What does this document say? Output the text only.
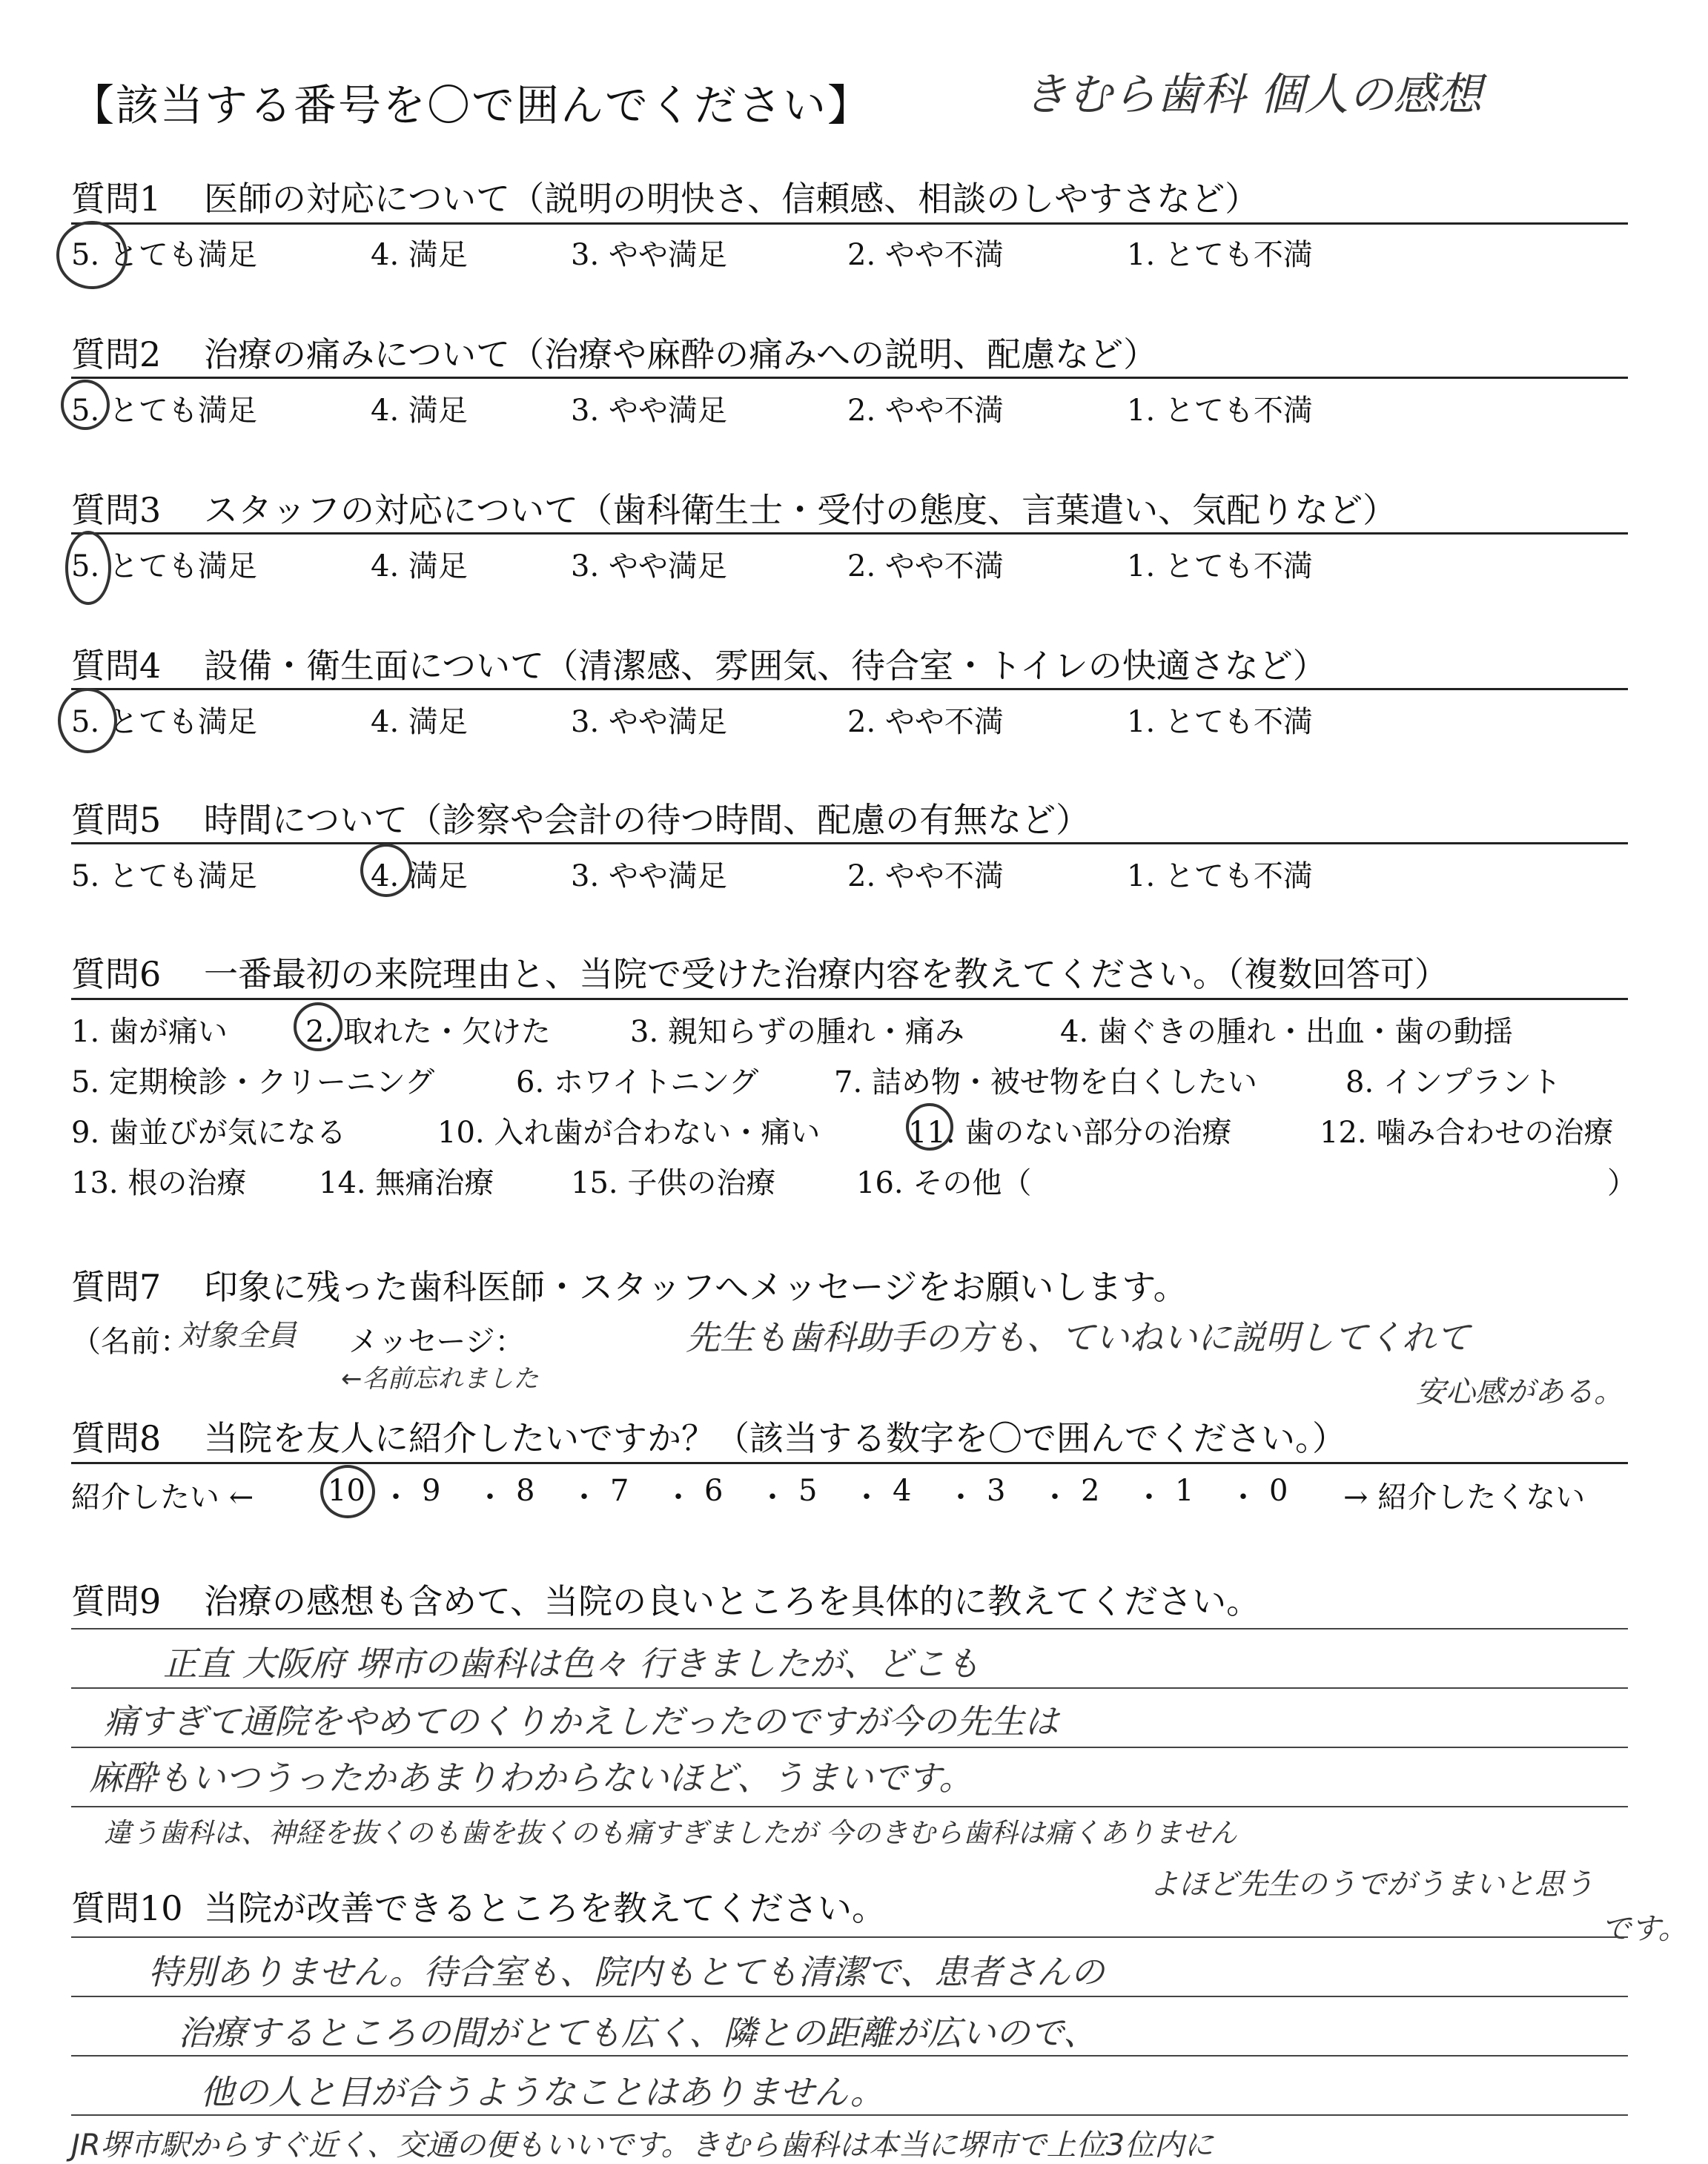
【該当する番号を〇で囲んでください】	きむら歯科 個人の感想
質問1 医師の対応について（説明の明快さ、信頼感、相談のしやすさなど）
5. とても満足	4. 満足	3. やや満足	2. やや不満	1. とても不満
質問2 治療の痛みについて（治療や麻酔の痛みへの説明、配慮など）
5. とても満足	4. 満足	3. やや満足	2. やや不満	1. とても不満
質問3 スタッフの対応について（歯科衛生士・受付の態度、言葉遣い、気配りなど）
5. とても満足	4. 満足	3. やや満足	2. やや不満	1. とても不満
質問4 設備・衛生面について（清潔感、雰囲気、待合室・トイレの快適さなど）
5. とても満足	4. 満足	3. やや満足	2. やや不満	1. とても不満
質問5 時間について（診察や会計の待つ時間、配慮の有無など）
5. とても満足	4. 満足	3. やや満足	2. やや不満	1. とても不満
質問6 一番最初の来院理由と、当院で受けた治療内容を教えてください。（複数回答可）
1. 歯が痛い	2. 取れた・欠けた	3. 親知らずの腫れ・痛み	4. 歯ぐきの腫れ・出血・歯の動揺
5. 定期検診・クリーニング	6. ホワイトニング	7. 詰め物・被せ物を白くしたい	8. インプラント
9. 歯並びが気になる	10. 入れ歯が合わない・痛い	11. 歯のない部分の治療	12. 噛み合わせの治療
13. 根の治療 14. 無痛治療	15. 子供の治療	16. その他（	）
質問7 印象に残った歯科医師・スタッフへメッセージをお願いします。
（名前：
対象全員 メッセージ：
←名前忘れました
先生も歯科助手の方も、ていねいに説明してくれて
安心感がある。
質問8 当院を友人に紹介したいですか？（該当する数字を〇で囲んでください。）
紹介したい ← 10 ・ 9 ・ 8 ・ 7 ・ 6 ・ 5 ・ 4 ・ 3 ・ 2 ・ 1 ・ 0 → 紹介したくない
質問9 治療の感想も含めて、当院の良いところを具体的に教えてください。
正直 大阪府 堺市の歯科は色々 行きましたが、どこも
痛すぎて通院をやめてのくりかえしだったのですが今の先生は
麻酔もいつうったかあまりわからないほど、うまいです。
違う歯科は、神経を抜くのも歯を抜くのも痛すぎましたが 今のきむら歯科は痛くありません
よほど先生のうでがうまいと思う
です。
質問10 当院が改善できるところを教えてください。
特別ありません。待合室も、院内もとても清潔で、患者さんの
治療するところの間がとても広く、隣との距離が広いので、
他の人と目が合うようなことはありません。
JR堺市駅からすぐ近く、交通の便もいいです。きむら歯科は本当に堺市で上位3位内に
